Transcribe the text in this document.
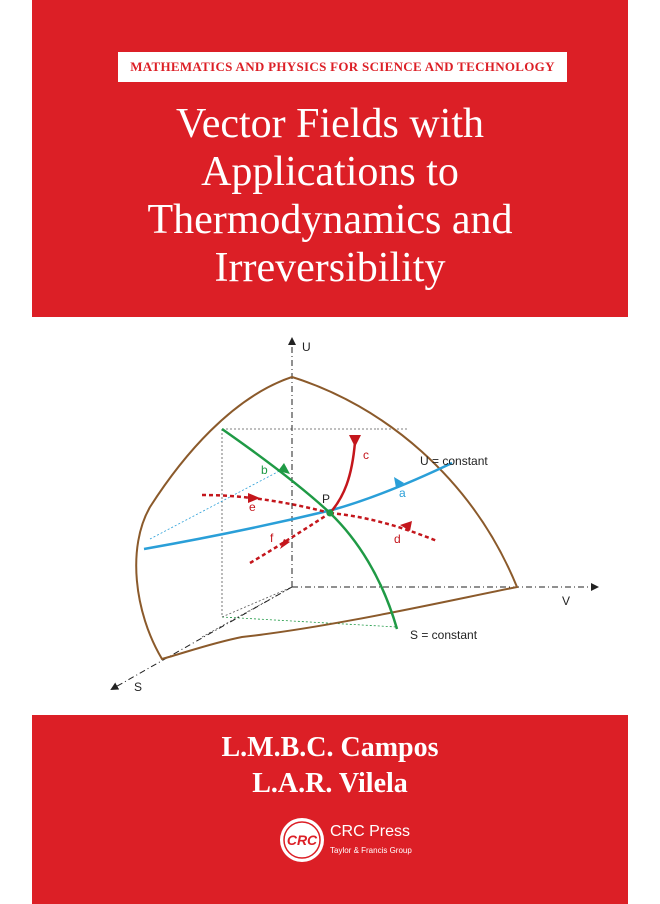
MATHEMATICS AND PHYSICS FOR SCIENCE AND TECHNOLOGY
Vector Fields with
Applications to
Thermodynamics and
Irreversibility
U
V
S
U = constant
S = constant
P	a
b
c
d
e
f
L.M.B.C. Campos
L.A.R. Vilela
CRC CRC Press
Taylor & Francis Group
